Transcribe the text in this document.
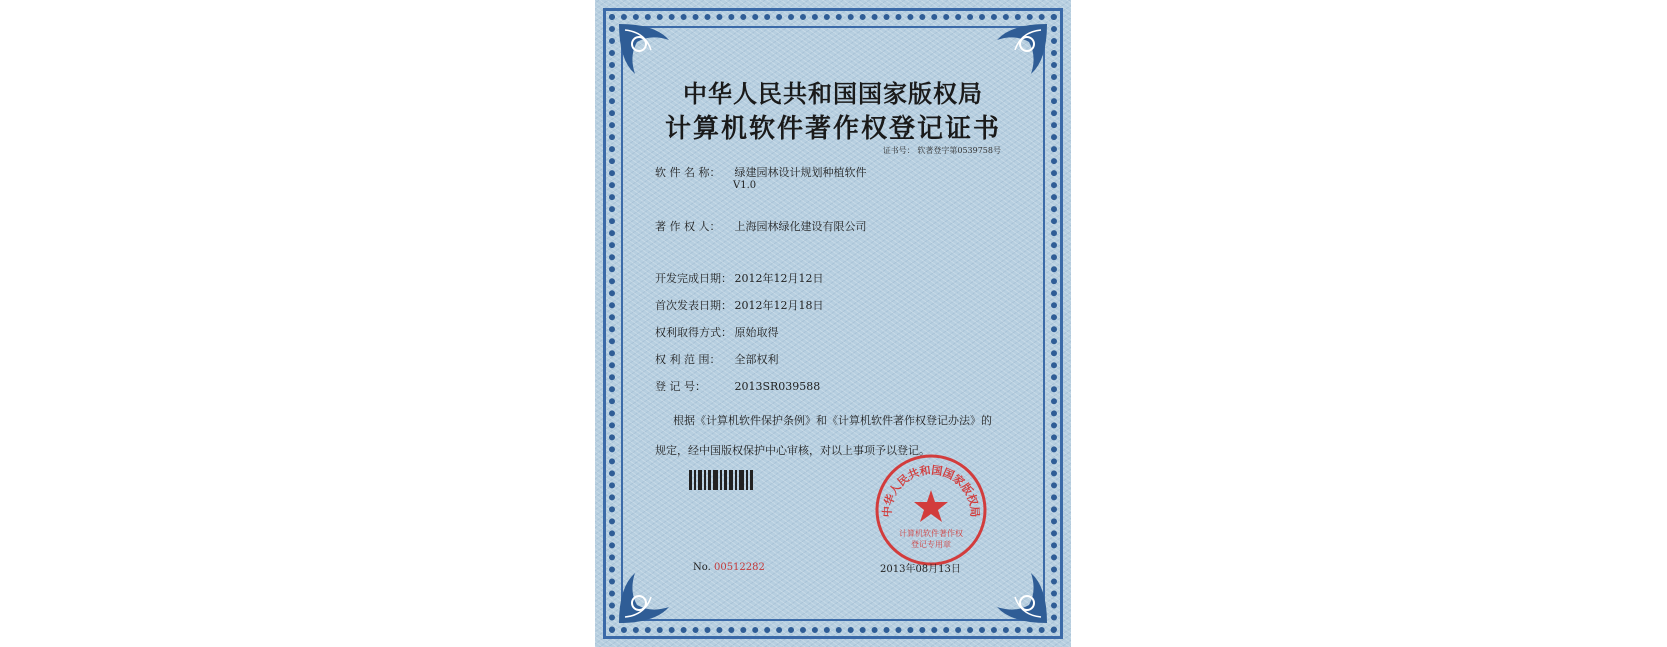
中华人民共和国国家版权局
计算机软件著作权登记证书
证书号： 软著登字第0539758号
软 件 名 称： 绿建园林设计规划种植软件
V1.0
著 作 权 人： 上海园林绿化建设有限公司
开发完成日期： 2012年12月12日
首次发表日期： 2012年12月18日
权利取得方式： 原始取得
权 利 范 围： 全部权利
登 记 号：	2013SR039588
根据《计算机软件保护条例》和《计算机软件著作权登记办法》的
规定，经中国版权保护中心审核，对以上事项予以登记。
中华人民共和国国家版权局
计算机软件著作权
登记专用章
No. 00512282	2013年08月13日
